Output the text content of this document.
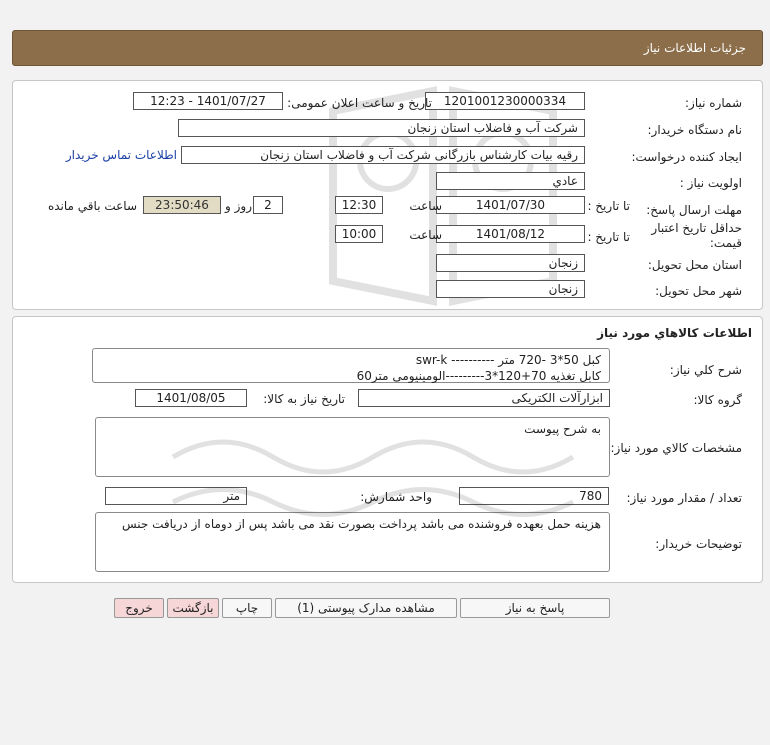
جزئیات اطلاعات نیاز
شماره نیاز:
1201001230000334
تاریخ و ساعت اعلان عمومی:
1401/07/27 - 12:23
نام دستگاه خریدار:
شرکت آب و فاضلاب استان زنجان
ایجاد کننده درخواست:
رقیه بیات کارشناس بازرگانی شرکت آب و فاضلاب استان زنجان
اطلاعات تماس خریدار
اولویت نیاز :
عادي
مهلت ارسال پاسخ:
تا تاریخ :
1401/07/30
ساعت
12:30
2
روز و
23:50:46
ساعت باقي مانده
حداقل تاریخ اعتبار
قیمت:
تا تاریخ :
1401/08/12
ساعت
10:00
استان محل تحویل:
زنجان
شهر محل تحویل:
زنجان
اطلاعات کالاهاي مورد نياز
شرح کلي نياز:
کبل 50*3 -720 متر ---------- swr-k
کابل تغذیه 70+120*3---------الومینیومی متر60
گروه کالا:
ابزارآلات الکتریکی
تاریخ نیاز به کالا:
1401/08/05
مشخصات کالاي مورد نياز:
به شرح پیوست
تعداد / مقدار مورد نیاز:
780
واحد شمارش:
متر
توضیحات خریدار:
هزینه حمل بعهده فروشنده می باشد پرداخت بصورت نقد می باشد پس از دوماه از دریافت جنس
پاسخ به نیاز
مشاهده مدارک پیوستی (1)
چاپ
بازگشت
خروج
